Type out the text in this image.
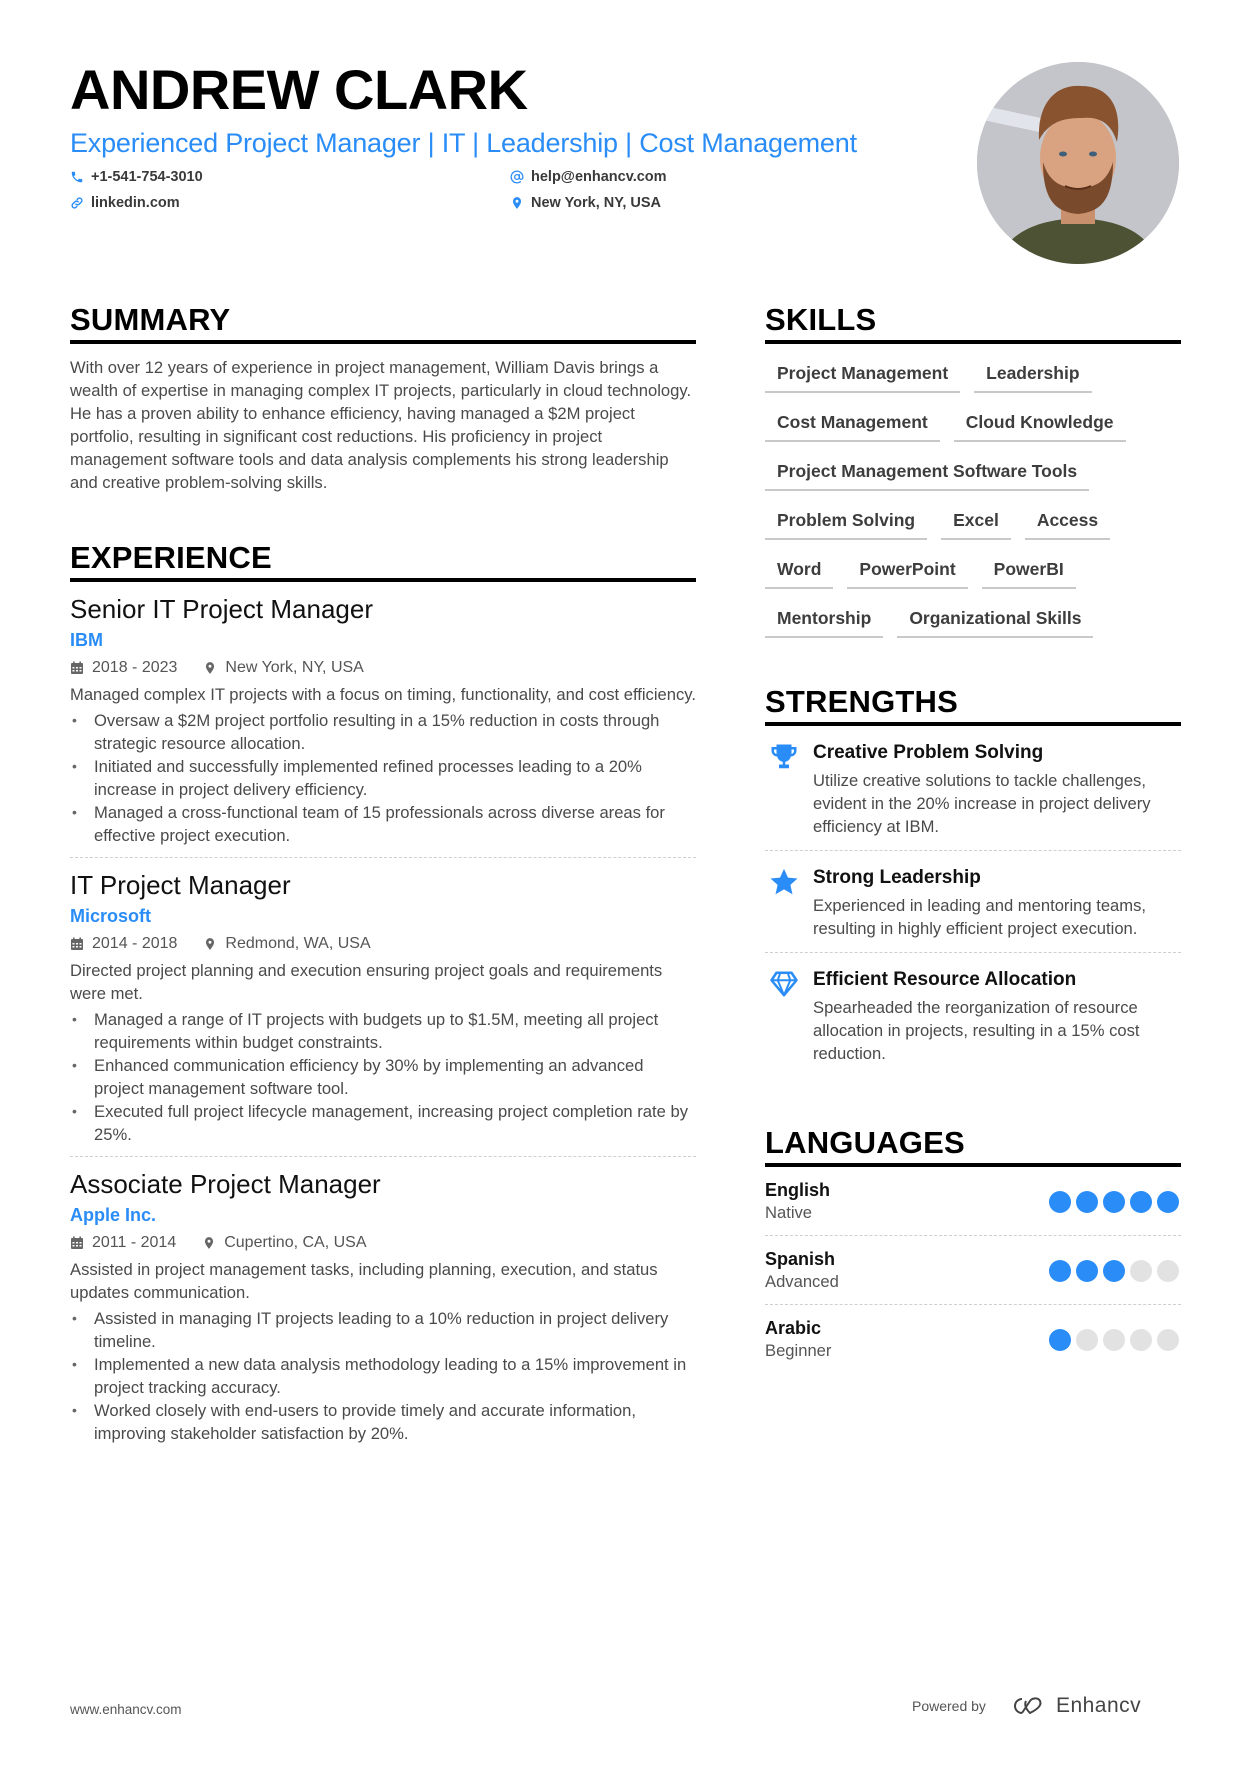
ANDREW CLARK
Experienced Project Manager | IT | Leadership | Cost Management
+1-541-754-3010	help@enhancv.com
linkedin.com	New York, NY, USA
SUMMARY

With over 12 years of experience in project management, William Davis brings a wealth of expertise in managing complex IT projects, particularly in cloud technology. He has a proven ability to enhance efficiency, having managed a $2M project portfolio, resulting in significant cost reductions. His proficiency in project management software tools and data analysis complements his strong leadership and creative problem-solving skills.

EXPERIENCE
Senior IT Project Manager
IBM
2018 - 2023	New York, NY, USA

Managed complex IT projects with a focus on timing, functionality, and cost efficiency.

• Oversaw a $2M project portfolio resulting in a 15% reduction in costs through strategic resource allocation.
• Initiated and successfully implemented refined processes leading to a 20% increase in project delivery efficiency.
• Managed a cross-functional team of 15 professionals across diverse areas for effective project execution.
IT Project Manager
Microsoft
2014 - 2018	Redmond, WA, USA

Directed project planning and execution ensuring project goals and requirements were met.

• Managed a range of IT projects with budgets up to $1.5M, meeting all project requirements within budget constraints.
• Enhanced communication efficiency by 30% by implementing an advanced project management software tool.
• Executed full project lifecycle management, increasing project completion rate by 25%.
Associate Project Manager
Apple Inc.
2011 - 2014	Cupertino, CA, USA

Assisted in project management tasks, including planning, execution, and status updates communication.

• Assisted in managing IT projects leading to a 10% reduction in project delivery timeline.
• Implemented a new data analysis methodology leading to a 15% improvement in project tracking accuracy.
• Worked closely with end-users to provide timely and accurate information, improving stakeholder satisfaction by 20%.
SKILLS
Project Management	Leadership
Cost Management	Cloud Knowledge
Project Management Software Tools
Problem Solving	Excel	Access
Word	PowerPoint	PowerBI
Mentorship	Organizational Skills
STRENGTHS
Creative Problem Solving
Utilize creative solutions to tackle challenges, evident in the 20% increase in project delivery efficiency at IBM.
Strong Leadership
Experienced in leading and mentoring teams, resulting in highly efficient project execution.
Efficient Resource Allocation
Spearheaded the reorganization of resource allocation in projects, resulting in a 15% cost reduction.
LANGUAGES
English
Native
Spanish
Advanced
Arabic
Beginner
www.enhancv.com	Powered by	Enhancv
